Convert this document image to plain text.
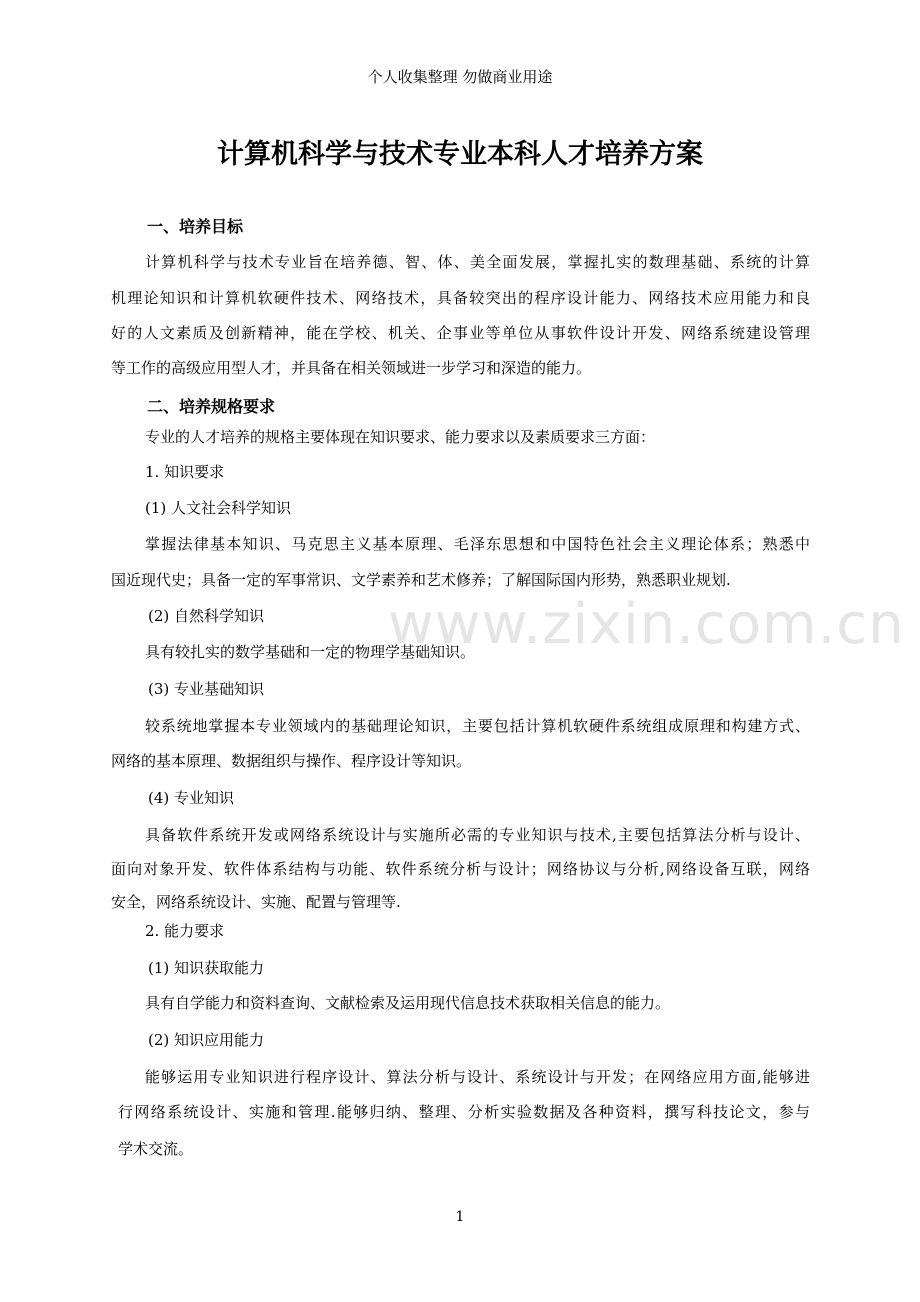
个人收集整理 勿做商业用途
计算机科学与技术专业本科人才培养方案
www.zixin.com.cn
一、培养目标
计算机科学与技术专业旨在培养德、智、体、美全面发展，掌握扎实的数理基础、系统的计算
机理论知识和计算机软硬件技术、网络技术，具备较突出的程序设计能力、网络技术应用能力和良
好的人文素质及创新精神，能在学校、机关、企事业等单位从事软件设计开发、网络系统建设管理
等工作的高级应用型人才，并具备在相关领域进一步学习和深造的能力。
二、培养规格要求
专业的人才培养的规格主要体现在知识要求、能力要求以及素质要求三方面：
1. 知识要求
(1) 人文社会科学知识
掌握法律基本知识、马克思主义基本原理、毛泽东思想和中国特色社会主义理论体系；熟悉中
国近现代史；具备一定的军事常识、文学素养和艺术修养；了解国际国内形势，熟悉职业规划.
(2) 自然科学知识
具有较扎实的数学基础和一定的物理学基础知识。
(3) 专业基础知识
较系统地掌握本专业领域内的基础理论知识，主要包括计算机软硬件系统组成原理和构建方式、
网络的基本原理、数据组织与操作、程序设计等知识。
(4) 专业知识
具备软件系统开发或网络系统设计与实施所必需的专业知识与技术,主要包括算法分析与设计、
面向对象开发、软件体系结构与功能、软件系统分析与设计；网络协议与分析,网络设备互联，网络
安全，网络系统设计、实施、配置与管理等.
2. 能力要求
(1) 知识获取能力
具有自学能力和资料查询、文献检索及运用现代信息技术获取相关信息的能力。
(2) 知识应用能力
能够运用专业知识进行程序设计、算法分析与设计、系统设计与开发；在网络应用方面,能够进
行网络系统设计、实施和管理.能够归纳、整理、分析实验数据及各种资料，撰写科技论文，参与
学术交流。
1
